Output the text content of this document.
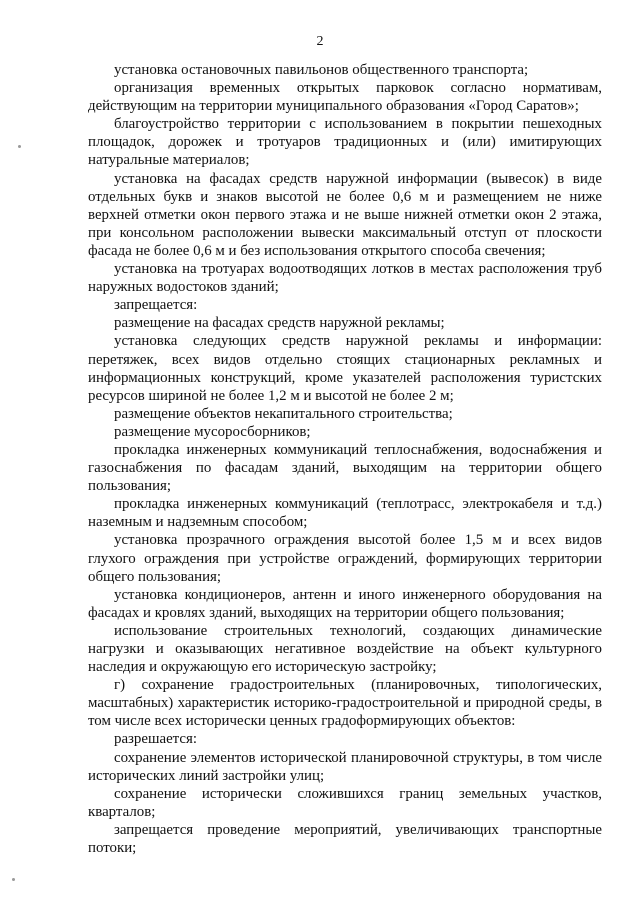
2

установка остановочных павильонов общественного транспорта;

организация временных открытых парковок согласно нормативам, действующим на территории муниципального образования «Город Саратов»;

благоустройство территории с использованием в покрытии пешеходных площадок, дорожек и тротуаров традиционных и (или) имитирующих натуральные материалов;

установка на фасадах средств наружной информации (вывесок) в виде отдельных букв и знаков высотой не более 0,6 м и размещением не ниже верхней отметки окон первого этажа и не выше нижней отметки окон 2 этажа, при консольном расположении вывески максимальный отступ от плоскости фасада не более 0,6 м и без использования открытого способа свечения;

установка на тротуарах водоотводящих лотков в местах расположения труб наружных водостоков зданий;

запрещается:

размещение на фасадах средств наружной рекламы;

установка следующих средств наружной рекламы и информации: перетяжек, всех видов отдельно стоящих стационарных рекламных и информационных конструкций, кроме указателей расположения туристских ресурсов шириной не более 1,2 м и высотой не более 2 м;

размещение объектов некапитального строительства;

размещение мусоросборников;

прокладка инженерных коммуникаций теплоснабжения, водоснабжения и газоснабжения по фасадам зданий, выходящим на территории общего пользования;

прокладка инженерных коммуникаций (теплотрасс, электрокабеля и т.д.) наземным и надземным способом;

установка прозрачного ограждения высотой более 1,5 м и всех видов глухого ограждения при устройстве ограждений, формирующих территории общего пользования;

установка кондиционеров, антенн и иного инженерного оборудования на фасадах и кровлях зданий, выходящих на территории общего пользования;

использование строительных технологий, создающих динамические нагрузки и оказывающих негативное воздействие на объект культурного наследия и окружающую его историческую застройку;

г) сохранение градостроительных (планировочных, типологических, масштабных) характеристик историко-градостроительной и природной среды, в том числе всех исторически ценных градоформирующих объектов:

разрешается:

сохранение элементов исторической планировочной структуры, в том числе исторических линий застройки улиц;

сохранение исторически сложившихся границ земельных участков, кварталов;

запрещается проведение мероприятий, увеличивающих транспортные потоки;
